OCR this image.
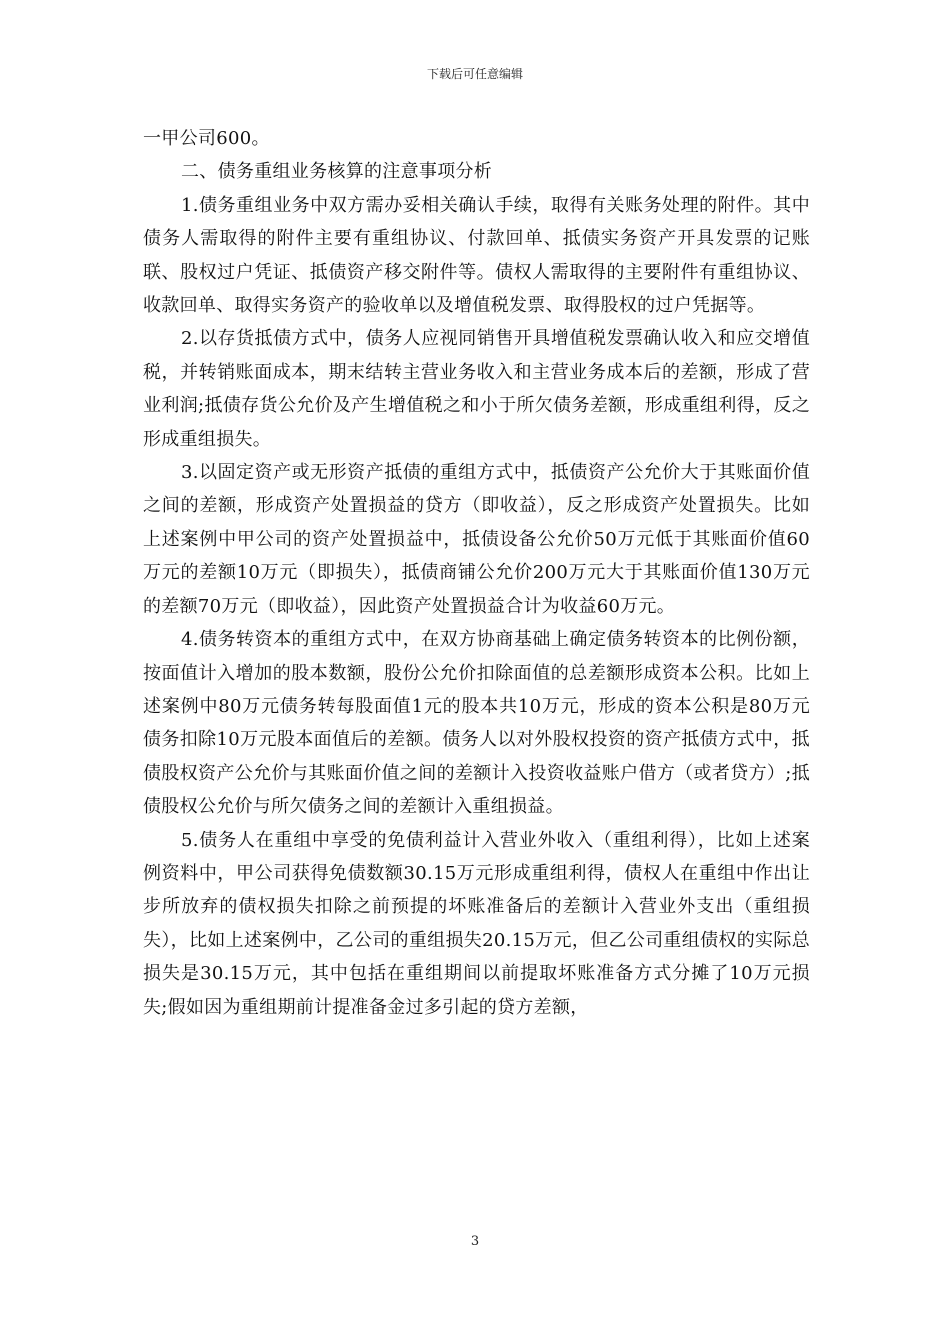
下载后可任意编辑

一甲公司600。

二、债务重组业务核算的注意事项分析

1.债务重组业务中双方需办妥相关确认手续，取得有关账务处理的附件。其中债务人需取得的附件主要有重组协议、付款回单、抵债实务资产开具发票的记账联、股权过户凭证、抵债资产移交附件等。债权人需取得的主要附件有重组协议、收款回单、取得实务资产的验收单以及增值税发票、取得股权的过户凭据等。

2.以存货抵债方式中，债务人应视同销售开具增值税发票确认收入和应交增值税，并转销账面成本，期末结转主营业务收入和主营业务成本后的差额，形成了营业利润;抵债存货公允价及产生增值税之和小于所欠债务差额，形成重组利得，反之形成重组损失。

3.以固定资产或无形资产抵债的重组方式中，抵债资产公允价大于其账面价值之间的差额，形成资产处置损益的贷方（即收益），反之形成资产处置损失。比如上述案例中甲公司的资产处置损益中，抵债设备公允价50万元低于其账面价值60万元的差额10万元（即损失），抵债商铺公允价200万元大于其账面价值130万元的差额70万元（即收益），因此资产处置损益合计为收益60万元。

4.债务转资本的重组方式中，在双方协商基础上确定债务转资本的比例份额，按面值计入增加的股本数额，股份公允价扣除面值的总差额形成资本公积。比如上述案例中80万元债务转每股面值1元的股本共10万元，形成的资本公积是80万元债务扣除10万元股本面值后的差额。债务人以对外股权投资的资产抵债方式中，抵债股权资产公允价与其账面价值之间的差额计入投资收益账户借方（或者贷方）;抵债股权公允价与所欠债务之间的差额计入重组损益。

5.债务人在重组中享受的免债利益计入营业外收入（重组利得），比如上述案例资料中，甲公司获得免债数额30.15万元形成重组利得，债权人在重组中作出让步所放弃的债权损失扣除之前预提的坏账准备后的差额计入营业外支出（重组损失），比如上述案例中，乙公司的重组损失20.15万元，但乙公司重组债权的实际总损失是30.15万元，其中包括在重组期间以前提取坏账准备方式分摊了10万元损失;假如因为重组期前计提准备金过多引起的贷方差额，

3
